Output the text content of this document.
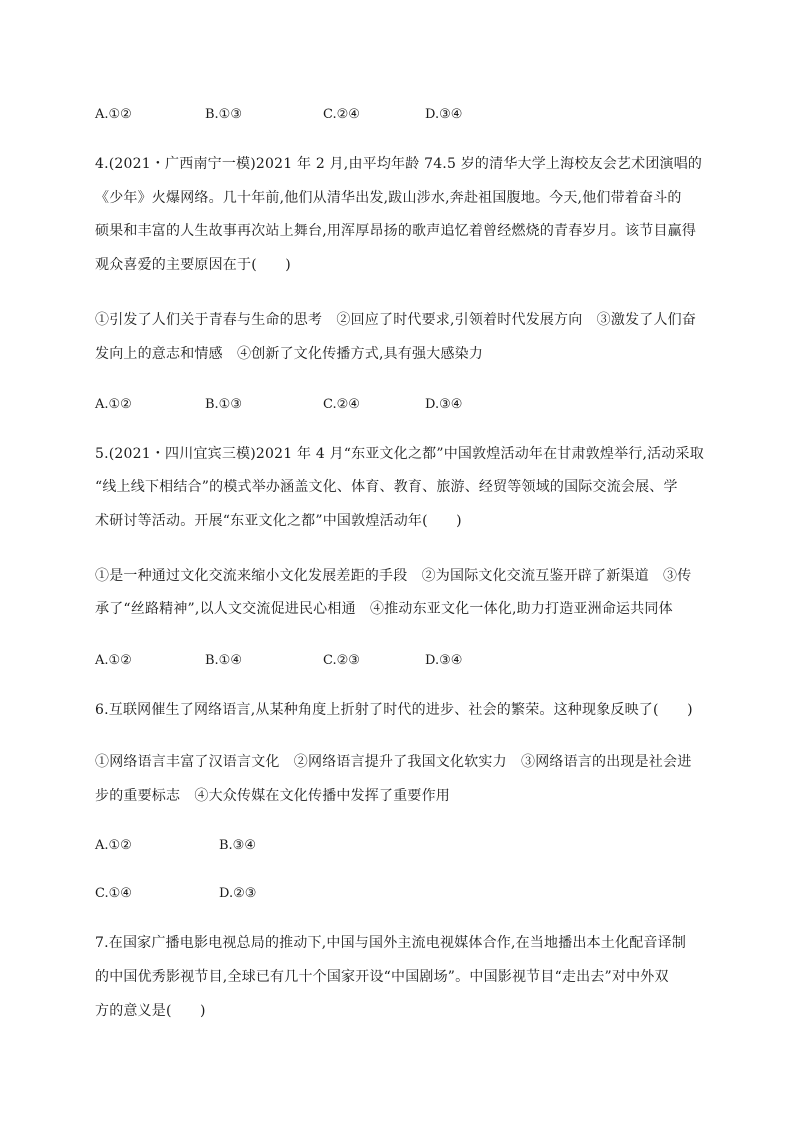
A.①②	B.①③	C.②④	D.③④
4.(2021・广西南宁一模)2021 年 2 月,由平均年龄 74.5 岁的清华大学上海校友会艺术团演唱的
《少年》火爆网络。几十年前,他们从清华出发,跋山涉水,奔赴祖国腹地。今天,他们带着奋斗的
硕果和丰富的人生故事再次站上舞台,用浑厚昂扬的歌声追忆着曾经燃烧的青春岁月。该节目赢得
观众喜爱的主要原因在于(　　)
①引发了人们关于青春与生命的思考　②回应了时代要求,引领着时代发展方向　③激发了人们奋
发向上的意志和情感　④创新了文化传播方式,具有强大感染力
A.①②	B.①③	C.②④	D.③④
5.(2021・四川宜宾三模)2021 年 4 月“东亚文化之都”中国敦煌活动年在甘肃敦煌举行,活动采取
“线上线下相结合”的模式举办涵盖文化、体育、教育、旅游、经贸等领域的国际交流会展、学
术研讨等活动。开展“东亚文化之都”中国敦煌活动年(　　)
①是一种通过文化交流来缩小文化发展差距的手段　②为国际文化交流互鉴开辟了新渠道　③传
承了“丝路精神”,以人文交流促进民心相通　④推动东亚文化一体化,助力打造亚洲命运共同体
A.①②	B.①④	C.②③	D.③④
6.互联网催生了网络语言,从某种角度上折射了时代的进步、社会的繁荣。这种现象反映了(　　)
①网络语言丰富了汉语言文化　②网络语言提升了我国文化软实力　③网络语言的出现是社会进
步的重要标志　④大众传媒在文化传播中发挥了重要作用
A.①②	B.③④
C.①④	D.②③
7.在国家广播电影电视总局的推动下,中国与国外主流电视媒体合作,在当地播出本土化配音译制
的中国优秀影视节目,全球已有几十个国家开设“中国剧场”。中国影视节目“走出去”对中外双
方的意义是(　　)
